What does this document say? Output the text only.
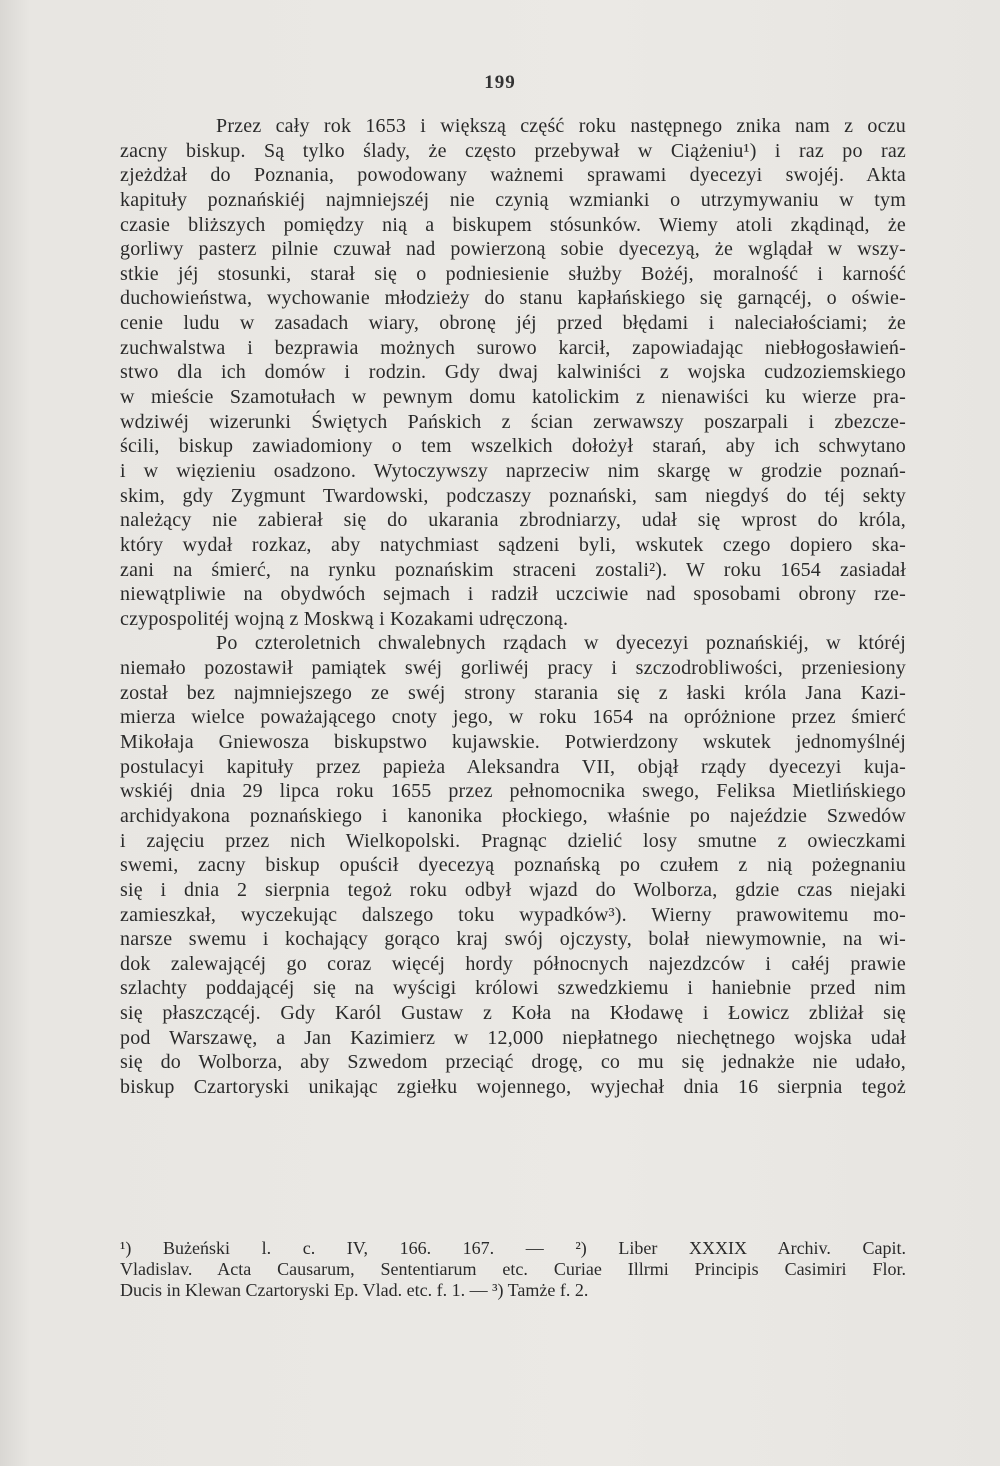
199
Przez cały rok 1653 i większą część roku następnego znika nam z oczu
zacny biskup. Są tylko ślady, że często przebywał w Ciążeniu¹) i raz po raz
zjeżdżał do Poznania, powodowany ważnemi sprawami dyecezyi swojéj. Akta
kapituły poznańskiéj najmniejszéj nie czynią wzmianki o utrzymywaniu w tym
czasie bliższych pomiędzy nią a biskupem stósunków. Wiemy atoli zkądinąd, że
gorliwy pasterz pilnie czuwał nad powierzoną sobie dyecezyą, że wglądał w wszy-
stkie jéj stosunki, starał się o podniesienie służby Bożéj, moralność i karność
duchowieństwa, wychowanie młodzieży do stanu kapłańskiego się garnącéj, o oświe-
cenie ludu w zasadach wiary, obronę jéj przed błędami i naleciałościami; że
zuchwalstwa i bezprawia możnych surowo karcił, zapowiadając niebłogosławień-
stwo dla ich domów i rodzin. Gdy dwaj kalwiniści z wojska cudzoziemskiego
w mieście Szamotułach w pewnym domu katolickim z nienawiści ku wierze pra-
wdziwéj wizerunki Świętych Pańskich z ścian zerwawszy poszarpali i zbezcze-
ścili, biskup zawiadomiony o tem wszelkich dołożył starań, aby ich schwytano
i w więzieniu osadzono. Wytoczywszy naprzeciw nim skargę w grodzie poznań-
skim, gdy Zygmunt Twardowski, podczaszy poznański, sam niegdyś do téj sekty
należący nie zabierał się do ukarania zbrodniarzy, udał się wprost do króla,
który wydał rozkaz, aby natychmiast sądzeni byli, wskutek czego dopiero ska-
zani na śmierć, na rynku poznańskim straceni zostali²). W roku 1654 zasiadał
niewątpliwie na obydwóch sejmach i radził uczciwie nad sposobami obrony rze-
czypospolitéj wojną z Moskwą i Kozakami udręczoną.
Po czteroletnich chwalebnych rządach w dyecezyi poznańskiéj, w któréj
niemało pozostawił pamiątek swéj gorliwéj pracy i szczodrobliwości, przeniesiony
został bez najmniejszego ze swéj strony starania się z łaski króla Jana Kazi-
mierza wielce poważającego cnoty jego, w roku 1654 na opróżnione przez śmierć
Mikołaja Gniewosza biskupstwo kujawskie. Potwierdzony wskutek jednomyślnéj
postulacyi kapituły przez papieża Aleksandra VII, objął rządy dyecezyi kuja-
wskiéj dnia 29 lipca roku 1655 przez pełnomocnika swego, Feliksa Mietlińskiego
archidyakona poznańskiego i kanonika płockiego, właśnie po najeździe Szwedów
i zajęciu przez nich Wielkopolski. Pragnąc dzielić losy smutne z owieczkami
swemi, zacny biskup opuścił dyecezyą poznańską po czułem z nią pożegnaniu
się i dnia 2 sierpnia tegoż roku odbył wjazd do Wolborza, gdzie czas niejaki
zamieszkał, wyczekując dalszego toku wypadków³). Wierny prawowitemu mo-
narsze swemu i kochający gorąco kraj swój ojczysty, bolał niewymownie, na wi-
dok zalewającéj go coraz więcéj hordy północnych najezdzców i całéj prawie
szlachty poddającéj się na wyścigi królowi szwedzkiemu i haniebnie przed nim
się płaszczącéj. Gdy Karól Gustaw z Koła na Kłodawę i Łowicz zbliżał się
pod Warszawę, a Jan Kazimierz w 12,000 niepłatnego niechętnego wojska udał
się do Wolborza, aby Szwedom przeciąć drogę, co mu się jednakże nie udało,
biskup Czartoryski unikając zgiełku wojennego, wyjechał dnia 16 sierpnia tegoż
¹) Bużeński l. c. IV, 166. 167. — ²) Liber XXXIX Archiv. Capit.
Vladislav. Acta Causarum, Sententiarum etc. Curiae Illrmi Principis Casimiri Flor.
Ducis in Klewan Czartoryski Ep. Vlad. etc. f. 1. — ³) Tamże f. 2.
